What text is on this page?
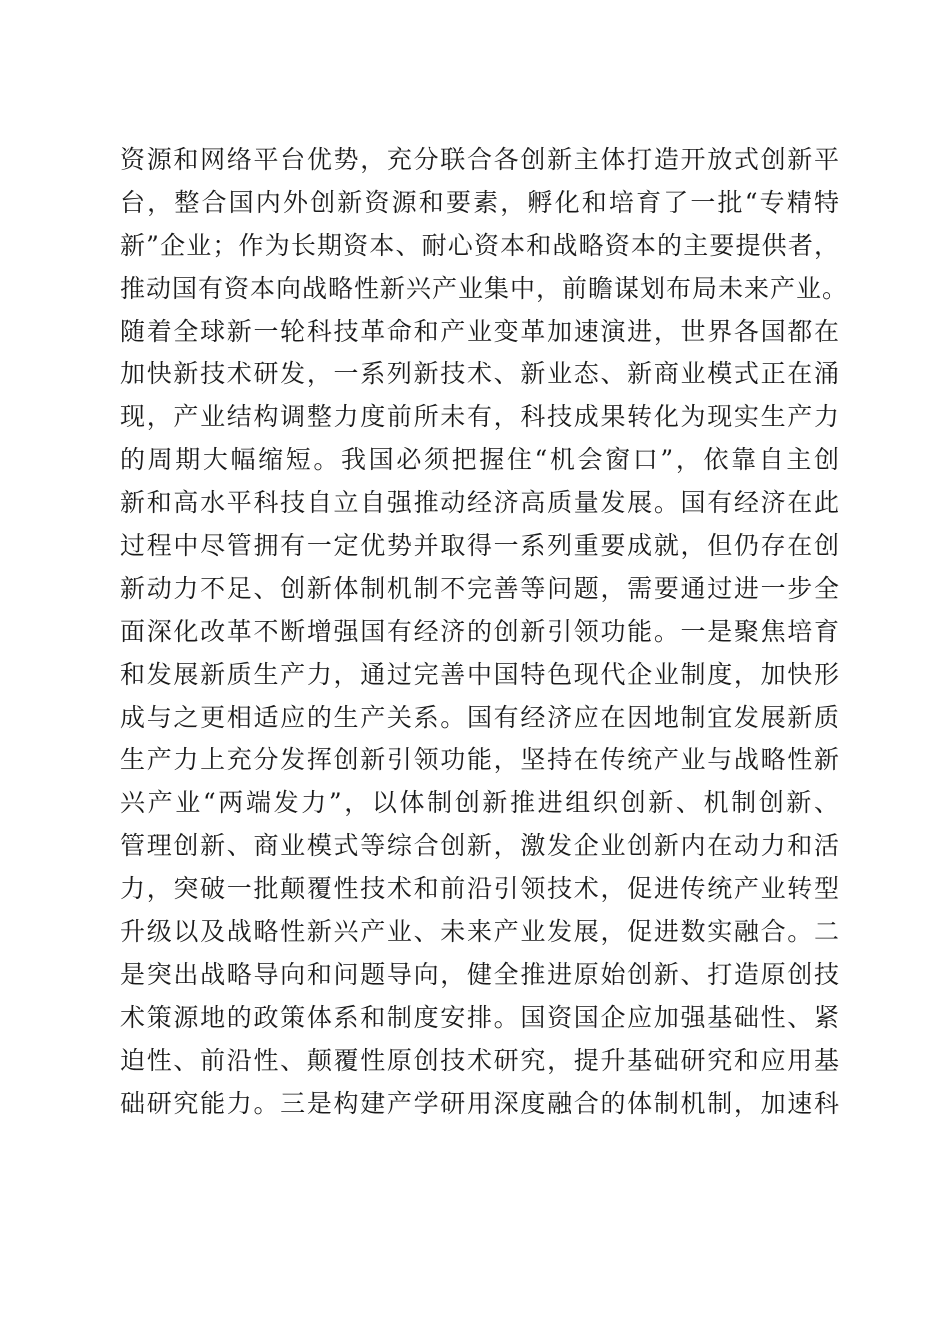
资源和网络平台优势，充分联合各创新主体打造开放式创新平
台，整合国内外创新资源和要素，孵化和培育了一批“专精特
新”企业；作为长期资本、耐心资本和战略资本的主要提供者，
推动国有资本向战略性新兴产业集中，前瞻谋划布局未来产业。
随着全球新一轮科技革命和产业变革加速演进，世界各国都在
加快新技术研发，一系列新技术、新业态、新商业模式正在涌
现，产业结构调整力度前所未有，科技成果转化为现实生产力
的周期大幅缩短。我国必须把握住“机会窗口”，依靠自主创
新和高水平科技自立自强推动经济高质量发展。国有经济在此
过程中尽管拥有一定优势并取得一系列重要成就，但仍存在创
新动力不足、创新体制机制不完善等问题，需要通过进一步全
面深化改革不断增强国有经济的创新引领功能。一是聚焦培育
和发展新质生产力，通过完善中国特色现代企业制度，加快形
成与之更相适应的生产关系。国有经济应在因地制宜发展新质
生产力上充分发挥创新引领功能，坚持在传统产业与战略性新
兴产业“两端发力”，以体制创新推进组织创新、机制创新、
管理创新、商业模式等综合创新，激发企业创新内在动力和活
力，突破一批颠覆性技术和前沿引领技术，促进传统产业转型
升级以及战略性新兴产业、未来产业发展，促进数实融合。二
是突出战略导向和问题导向，健全推进原始创新、打造原创技
术策源地的政策体系和制度安排。国资国企应加强基础性、紧
迫性、前沿性、颠覆性原创技术研究，提升基础研究和应用基
础研究能力。三是构建产学研用深度融合的体制机制，加速科
